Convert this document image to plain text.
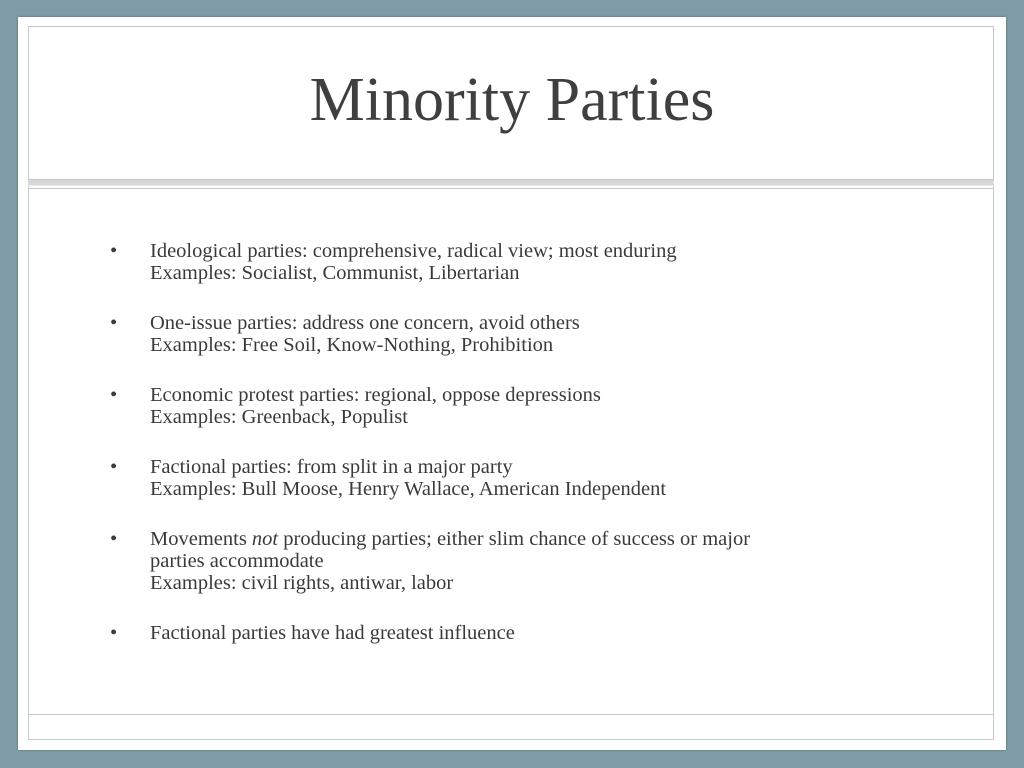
Minority Parties
• Ideological parties: comprehensive, radical view; most enduring
Examples: Socialist, Communist, Libertarian
• One-issue parties: address one concern, avoid others
Examples: Free Soil, Know-Nothing, Prohibition
• Economic protest parties: regional, oppose depressions
Examples: Greenback, Populist
• Factional parties: from split in a major party
Examples: Bull Moose, Henry Wallace, American Independent
• Movements not producing parties; either slim chance of success or major
parties accommodate
Examples: civil rights, antiwar, labor
• Factional parties have had greatest influence
